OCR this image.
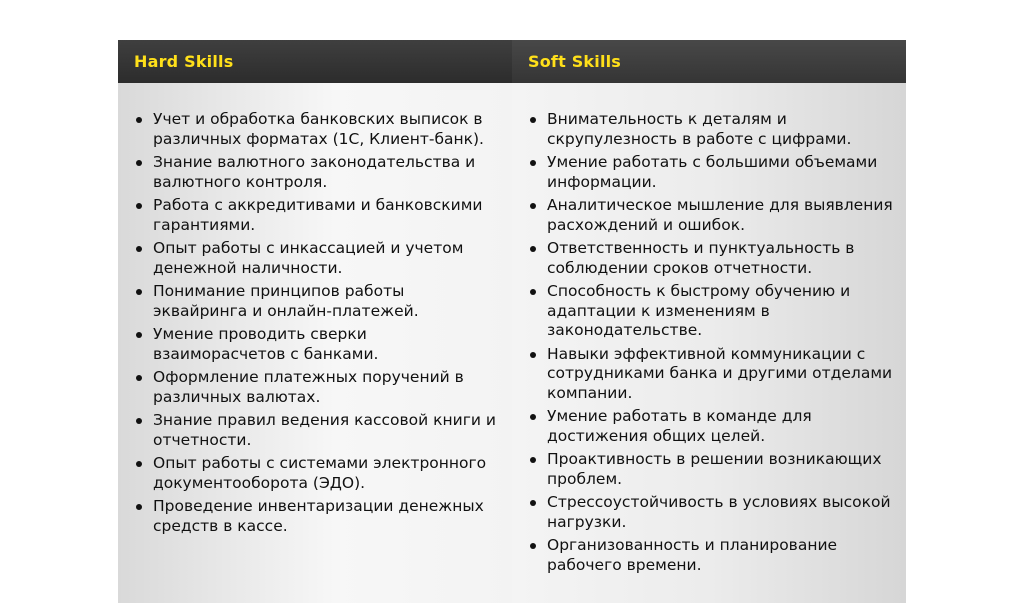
Hard Skills
Учет и обработка банковских выписок в различных форматах (1С, Клиент-банк).
Знание валютного законодательства и валютного контроля.
Работа с аккредитивами и банковскими гарантиями.
Опыт работы с инкассацией и учетом денежной наличности.
Понимание принципов работы эквайринга и онлайн-платежей.
Умение проводить сверки взаиморасчетов с банками.
Оформление платежных поручений в различных валютах.
Знание правил ведения кассовой книги и отчетности.
Опыт работы с системами электронного документооборота (ЭДО).
Проведение инвентаризации денежных средств в кассе.
Soft Skills
Внимательность к деталям и скрупулезность в работе с цифрами.
Умение работать с большими объемами информации.
Аналитическое мышление для выявления расхождений и ошибок.
Ответственность и пунктуальность в соблюдении сроков отчетности.
Способность к быстрому обучению и адаптации к изменениям в законодательстве.
Навыки эффективной коммуникации с сотрудниками банка и другими отделами компании.
Умение работать в команде для достижения общих целей.
Проактивность в решении возникающих проблем.
Стрессоустойчивость в условиях высокой нагрузки.
Организованность и планирование рабочего времени.
